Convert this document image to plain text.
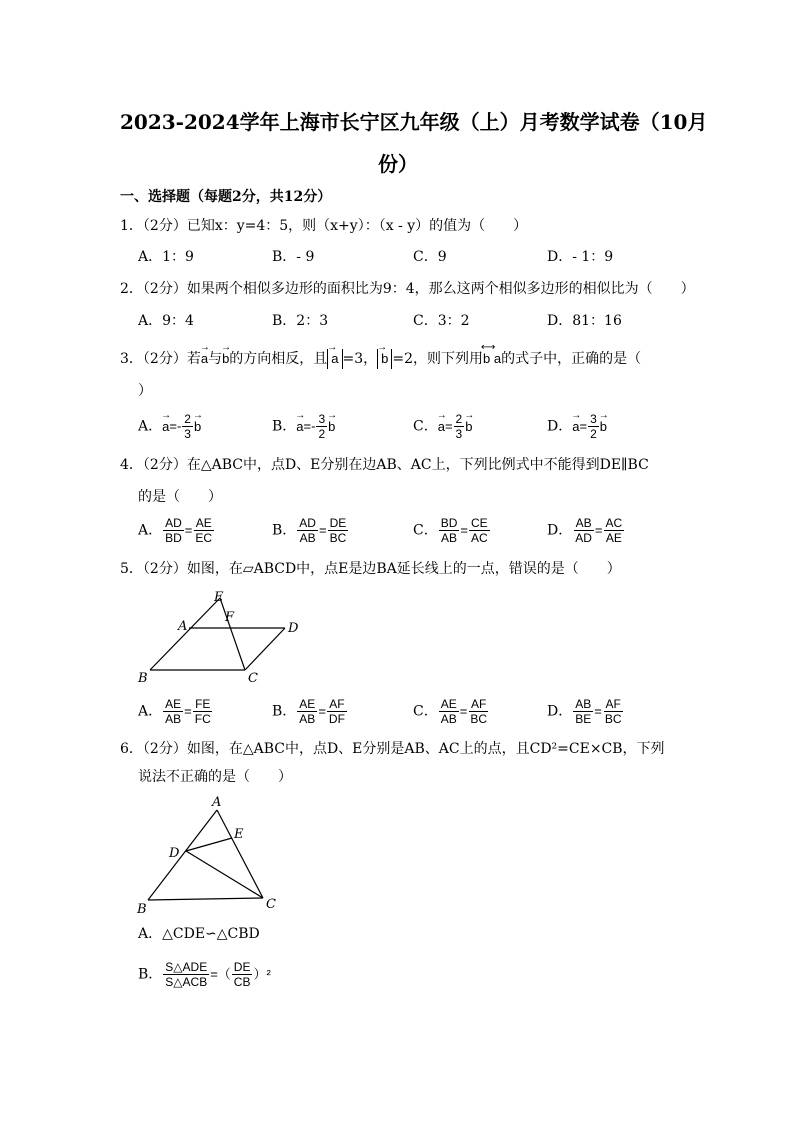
2023-2024学年上海市长宁区九年级（上）月考数学试卷（10月
份）
一、选择题（每题2分，共12分）
1．（2分）已知x：y=4：5，则（x+y）：（x - y）的值为（　　）
A．1：9	B．- 9	C．9	D．- 1：9
2．（2分）如果两个相似多边形的面积比为9：4，那么这两个相似多边形的相似比为（　　）
A．9：4	B．2：3	C．3：2	D．81：16
3．（2分）若→ a与→ b的方向相反，且→ a =3，→ b =2，则下列用⟷ b a的式子中，正确的是（
）
A．→ $a=- \frac{2}{3}$
→ b	B．→ $a=- \frac{3}{2}$
→ b	C．→ $a= \frac{2}{3}$
→ b	D．→ $a= \frac{3}{2}$
→ b
4．（2分）在△ABC中，点D、E分别在边AB、AC上，下列比例式中不能得到DE∥BC
的是（　　）
A． $\frac{AD}{BD} = \frac{AE}{EC}$	B． $\frac{AD}{AB} = \frac{DE}{BC}$	C． $\frac{BD}{AB} = \frac{CE}{AC}$	D． $\frac{AB}{AD} = \frac{AC}{AE}$
5．（2分）如图，在▱ABCD中，点E是边BA延长线上的一点，错误的是（　　）
E
F
A	D
B	C
A． $\frac{AE}{AB} = \frac{FE}{FC}$	B． $\frac{AE}{AB} = \frac{AF}{DF}$	C． $\frac{AE}{AB} = \frac{AF}{BC}$	D． $\frac{AB}{BE} = \frac{AF}{BC}$
6．（2分）如图，在△ABC中，点D、E分别是AB、AC上的点，且CD²=CE×CB，下列
说法不正确的是（　　）
A
E
D
B	C
A．△CDE∽△CBD
B． $\frac{\text{S△ADE}}{\text{S△ACB}}$ =（ $\frac{DE}{CB} )^2$
